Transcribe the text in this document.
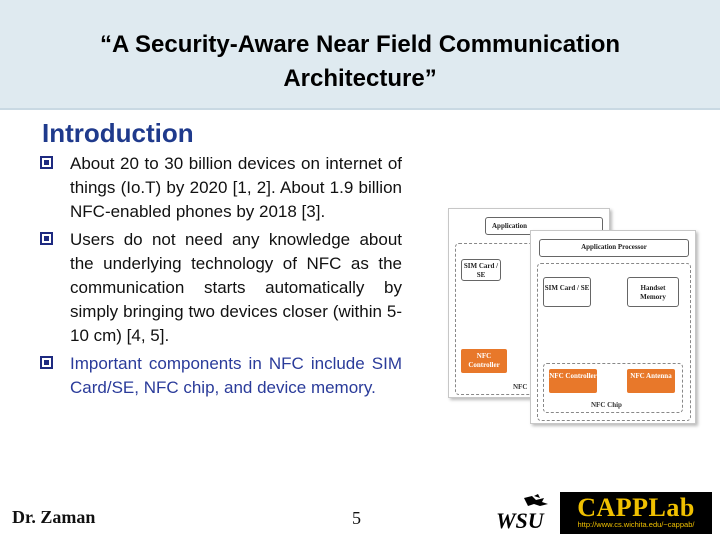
“A Security-Aware Near Field Communication
Architecture”
Introduction
About 20 to 30 billion devices on internet of things (Io.T) by 2020 [1, 2]. About 1.9 billion NFC-enabled phones by 2018 [3].
Users do not need any knowledge about the underlying technology of NFC as the communication starts automatically by simply bringing two devices closer (within 5-10 cm) [4, 5].
Important components in NFC include SIM Card/SE, NFC chip, and device memory.
Application
SIM Card / SE
NFC Controller
NFC
Application Processor
SIM Card / SE	Handset Memory
NFC Controller	NFC Antenna
NFC Chip
Dr. Zaman	5	WSU	CAPPLab
http://www.cs.wichita.edu/~cappab/
